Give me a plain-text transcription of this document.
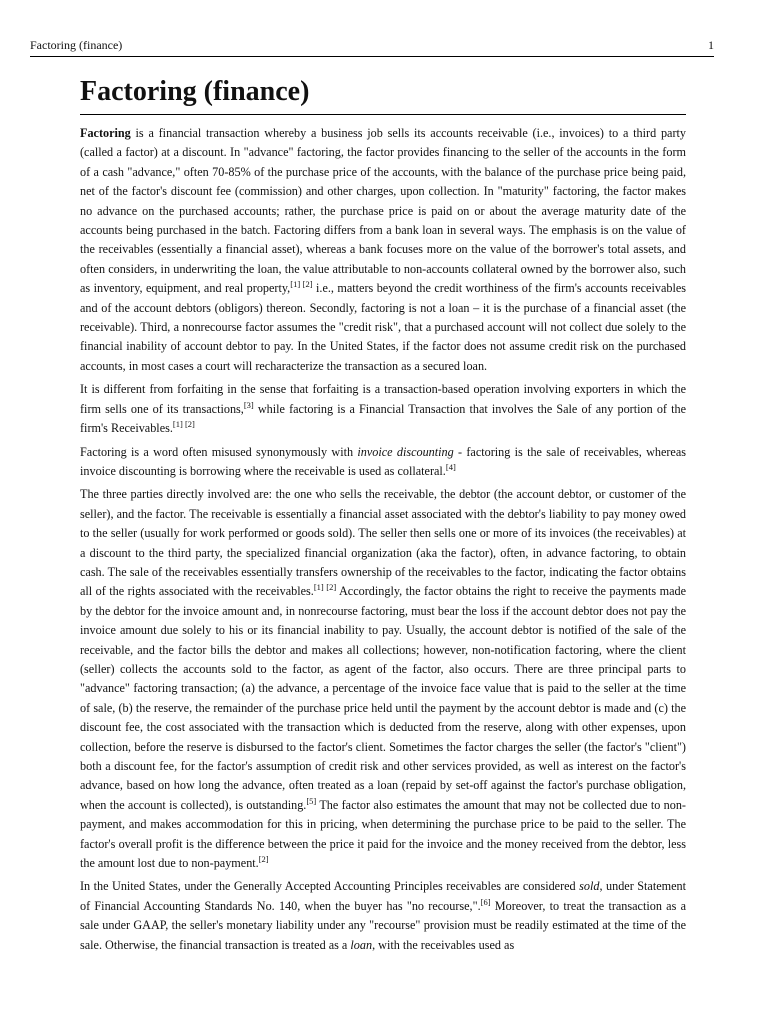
Factoring (finance)	1
Factoring (finance)

Factoring is a financial transaction whereby a business job sells its accounts receivable (i.e., invoices) to a third party (called a factor) at a discount. In "advance" factoring, the factor provides financing to the seller of the accounts in the form of a cash "advance," often 70-85% of the purchase price of the accounts, with the balance of the purchase price being paid, net of the factor's discount fee (commission) and other charges, upon collection. In "maturity" factoring, the factor makes no advance on the purchased accounts; rather, the purchase price is paid on or about the average maturity date of the accounts being purchased in the batch. Factoring differs from a bank loan in several ways. The emphasis is on the value of the receivables (essentially a financial asset), whereas a bank focuses more on the value of the borrower's total assets, and often considers, in underwriting the loan, the value attributable to non-accounts collateral owned by the borrower also, such as inventory, equipment, and real property,[1] [2] i.e., matters beyond the credit worthiness of the firm's accounts receivables and of the account debtors (obligors) thereon. Secondly, factoring is not a loan – it is the purchase of a financial asset (the receivable). Third, a nonrecourse factor assumes the "credit risk", that a purchased account will not collect due solely to the financial inability of account debtor to pay. In the United States, if the factor does not assume credit risk on the purchased accounts, in most cases a court will recharacterize the transaction as a secured loan.

It is different from forfaiting in the sense that forfaiting is a transaction-based operation involving exporters in which the firm sells one of its transactions,[3] while factoring is a Financial Transaction that involves the Sale of any portion of the firm's Receivables.[1] [2]

Factoring is a word often misused synonymously with invoice discounting - factoring is the sale of receivables, whereas invoice discounting is borrowing where the receivable is used as collateral.[4]

The three parties directly involved are: the one who sells the receivable, the debtor (the account debtor, or customer of the seller), and the factor. The receivable is essentially a financial asset associated with the debtor's liability to pay money owed to the seller (usually for work performed or goods sold). The seller then sells one or more of its invoices (the receivables) at a discount to the third party, the specialized financial organization (aka the factor), often, in advance factoring, to obtain cash. The sale of the receivables essentially transfers ownership of the receivables to the factor, indicating the factor obtains all of the rights associated with the receivables.[1] [2] Accordingly, the factor obtains the right to receive the payments made by the debtor for the invoice amount and, in nonrecourse factoring, must bear the loss if the account debtor does not pay the invoice amount due solely to his or its financial inability to pay. Usually, the account debtor is notified of the sale of the receivable, and the factor bills the debtor and makes all collections; however, non-notification factoring, where the client (seller) collects the accounts sold to the factor, as agent of the factor, also occurs. There are three principal parts to "advance" factoring transaction; (a) the advance, a percentage of the invoice face value that is paid to the seller at the time of sale, (b) the reserve, the remainder of the purchase price held until the payment by the account debtor is made and (c) the discount fee, the cost associated with the transaction which is deducted from the reserve, along with other expenses, upon collection, before the reserve is disbursed to the factor's client. Sometimes the factor charges the seller (the factor's "client") both a discount fee, for the factor's assumption of credit risk and other services provided, as well as interest on the factor's advance, based on how long the advance, often treated as a loan (repaid by set-off against the factor's purchase obligation, when the account is collected), is outstanding.[5] The factor also estimates the amount that may not be collected due to non-payment, and makes accommodation for this in pricing, when determining the purchase price to be paid to the seller. The factor's overall profit is the difference between the price it paid for the invoice and the money received from the debtor, less the amount lost due to non-payment.[2]

In the United States, under the Generally Accepted Accounting Principles receivables are considered sold, under Statement of Financial Accounting Standards No. 140, when the buyer has "no recourse,".[6] Moreover, to treat the transaction as a sale under GAAP, the seller's monetary liability under any "recourse" provision must be readily estimated at the time of the sale. Otherwise, the financial transaction is treated as a loan, with the receivables used as
